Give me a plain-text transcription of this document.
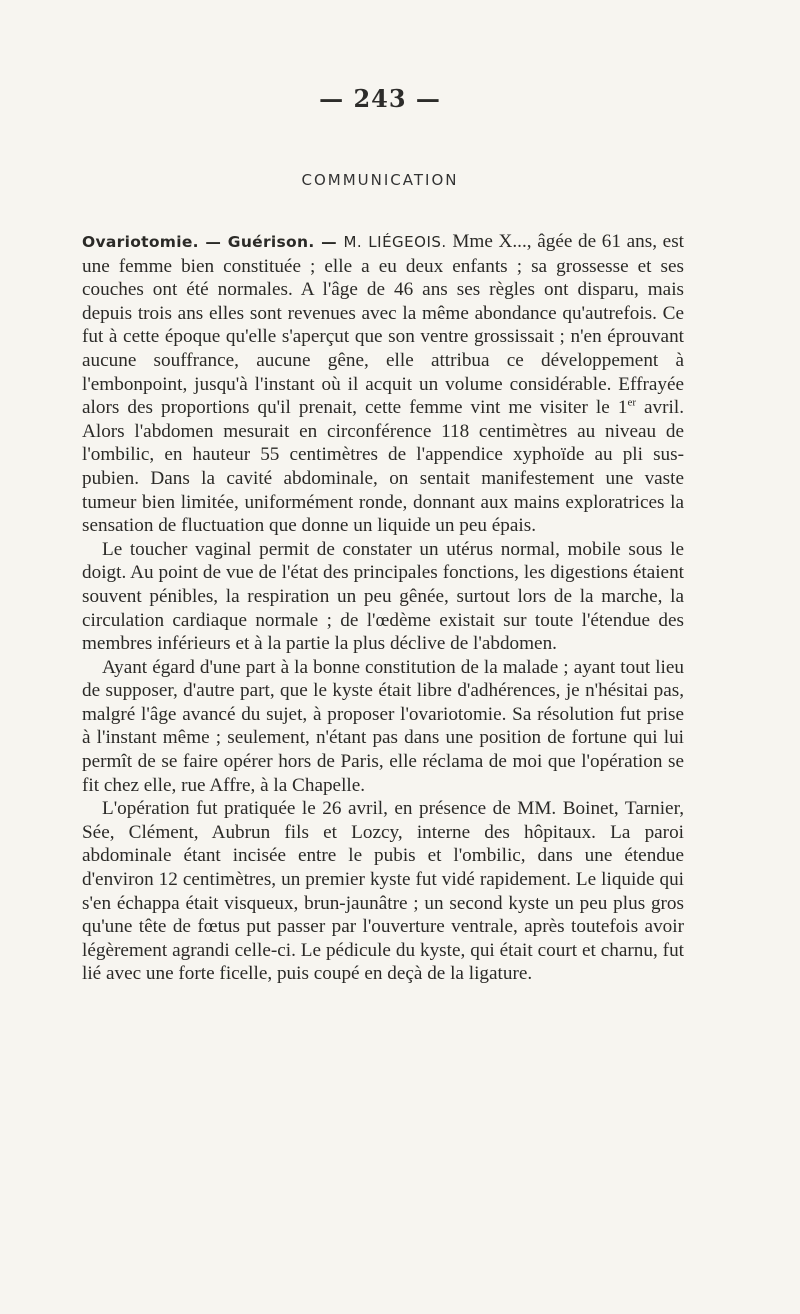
— 243 —
COMMUNICATION

Ovariotomie. — Guérison. — M. LIÉGEOIS. Mme X..., âgée de 61 ans, est une femme bien constituée ; elle a eu deux enfants ; sa grossesse et ses couches ont été normales. A l'âge de 46 ans ses règles ont disparu, mais depuis trois ans elles sont revenues avec la même abondance qu'autrefois. Ce fut à cette époque qu'elle s'aperçut que son ventre grossissait ; n'en éprouvant aucune souffrance, aucune gêne, elle attribua ce développement à l'embonpoint, jusqu'à l'instant où il acquit un volume considérable. Effrayée alors des proportions qu'il prenait, cette femme vint me visiter le 1er avril. Alors l'abdomen mesurait en circonférence 118 centimètres au niveau de l'ombilic, en hauteur 55 centimètres de l'appendice xyphoïde au pli sus-pubien. Dans la cavité abdominale, on sentait manifestement une vaste tumeur bien limitée, uniformément ronde, donnant aux mains exploratrices la sensation de fluctuation que donne un liquide un peu épais.

Le toucher vaginal permit de constater un utérus normal, mobile sous le doigt. Au point de vue de l'état des principales fonctions, les digestions étaient souvent pénibles, la respiration un peu gênée, surtout lors de la marche, la circulation cardiaque normale ; de l'œdème existait sur toute l'étendue des membres inférieurs et à la partie la plus déclive de l'abdomen.

Ayant égard d'une part à la bonne constitution de la malade ; ayant tout lieu de supposer, d'autre part, que le kyste était libre d'adhérences, je n'hésitai pas, malgré l'âge avancé du sujet, à proposer l'ovariotomie. Sa résolution fut prise à l'instant même ; seulement, n'étant pas dans une position de fortune qui lui permît de se faire opérer hors de Paris, elle réclama de moi que l'opération se fit chez elle, rue Affre, à la Chapelle.

L'opération fut pratiquée le 26 avril, en présence de MM. Boinet, Tarnier, Sée, Clément, Aubrun fils et Lozcy, interne des hôpitaux. La paroi abdominale étant incisée entre le pubis et l'ombilic, dans une étendue d'environ 12 centimètres, un premier kyste fut vidé rapidement. Le liquide qui s'en échappa était visqueux, brun-jaunâtre ; un second kyste un peu plus gros qu'une tête de fœtus put passer par l'ouverture ventrale, après toutefois avoir légèrement agrandi celle-ci. Le pédicule du kyste, qui était court et charnu, fut lié avec une forte ficelle, puis coupé en deçà de la ligature.
